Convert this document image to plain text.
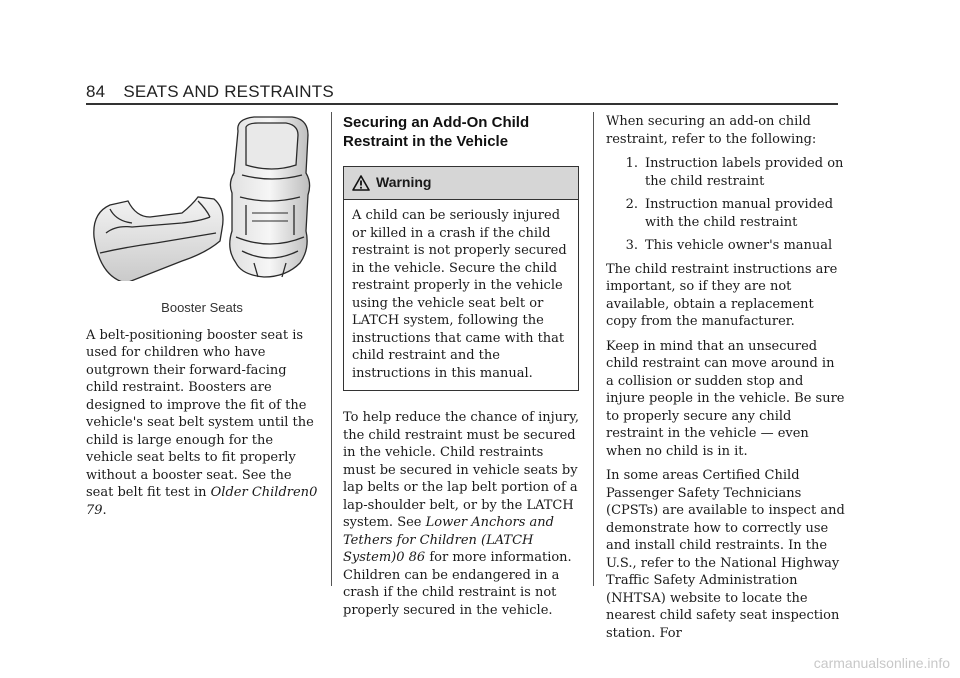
84 SEATS AND RESTRAINTS
Booster Seats

A belt-positioning booster seat is used for children who have outgrown their forward-facing child restraint. Boosters are designed to improve the fit of the vehicle's seat belt system until the child is large enough for the vehicle seat belts to fit properly without a booster seat. See the seat belt fit test in Older Children0 79.

Securing an Add-On Child Restraint in the Vehicle
Warning

A child can be seriously injured or killed in a crash if the child restraint is not properly secured in the vehicle. Secure the child restraint properly in the vehicle using the vehicle seat belt or LATCH system, following the instructions that came with that child restraint and the instructions in this manual.

To help reduce the chance of injury, the child restraint must be secured in the vehicle. Child restraints must be secured in vehicle seats by lap belts or the lap belt portion of a lap-shoulder belt, or by the LATCH system. See Lower Anchors and Tethers for Children (LATCH System)0 86 for more information. Children can be endangered in a crash if the child restraint is not properly secured in the vehicle.

When securing an add-on child restraint, refer to the following:

1. Instruction labels provided on the child restraint
2. Instruction manual provided with the child restraint
3. This vehicle owner's manual

The child restraint instructions are important, so if they are not available, obtain a replacement copy from the manufacturer.

Keep in mind that an unsecured child restraint can move around in a collision or sudden stop and injure people in the vehicle. Be sure to properly secure any child restraint in the vehicle — even when no child is in it.

In some areas Certified Child Passenger Safety Technicians (CPSTs) are available to inspect and demonstrate how to correctly use and install child restraints. In the U.S., refer to the National Highway Traffic Safety Administration (NHTSA) website to locate the nearest child safety seat inspection station. For

carmanualsonline.info
